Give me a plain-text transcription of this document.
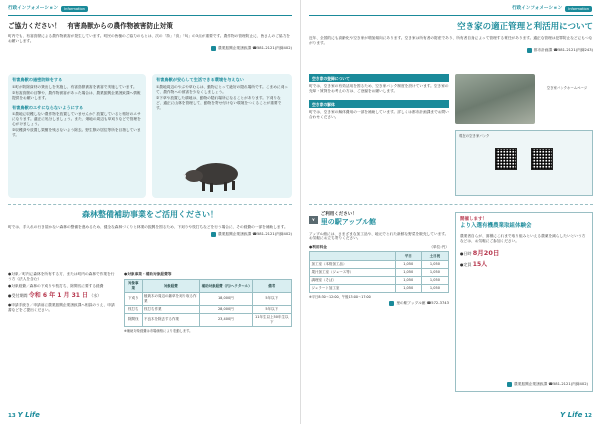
行政インフォメーション	Information
ご協力ください！　有害鳥獣からの農作物被害防止対策
町内でも、有害鳥獣による農作物被害が発生しています。町民の皆様のご協力のもとは、次の「持」「食」「匂」の3点が重要です。農作物の管理防止に、皆さんのご協力をお願いします。
農業振興企業誘致課 ☎581-2121(内線402)
有害鳥獣の過密防除をする
①町が防除資材の貸出しを実施し、有害鳥獣被害を被害で実施しています。
②有害鳥獣の目撃や、農作物被害があった場合は、農業振興企業誘致課へ情報提供をお願いします。
有害鳥獣のエサにならないようにする
①農地に収穫しない農作物を放置していませんか？放置していると格好のエサになります。適正に処分しましょう。また、畑地の周辺も草刈りなどで管理を心がけましょう。
②収穫済や放置し果樹を残さないよう除去。野生獣の居住等所を目指しています。
有害鳥獣が安心して生活できる環境を与えない
①農地周辺のやぶや草むらは、動物にとって絶好の隠れ場所です。こまめに刈って、農作物への被害を少なくしましょう。
②下草や放置した耕地は、動物の隠れ場所になることがあります。下刈りなど、適正に山林を管理して、動物を寄せ付けない環境をつくることが重要です。
森林整備補助事業をご活用ください！
町では、手入れの行き届かない森林の整備を進めるため、健全な森林づくりと林業の振興を図るため、下刈りや枝打ちなどを行う場合に、その経費の一部を補助します。
農業振興企業誘致課 ☎581-2121(内線402)
●対象／町内に森林を所有する方、または町内の森林で作業を行う方（法人を含む）
●対象経費／森林の下刈りや枝打ち、除間伐に要する経費
●受付期間 令和 6 年 1 月 31 日 （水）
●申請手続き／申請前に農業振興企業誘致課へ相談のうえ、申請書などをご提出ください。
●対象事業・補助対象経費等
対象事業	対象経費	補助対象経費（円/ヘクタール）	備考
下刈り	植栽木の周辺の雑草を刈り取る作業	18,000円	5年以下
枝打ち	枝打ち作業	28,000円	5年以下
除間伐	不良木を除去する作業	23,400円	11年生以上50年生以下
※補助対象経費は市場価格により変動します。
13 Y Life
行政インフォメーション	Information
空き家の適正管理と利活用について
近年、全国的にも高齢化や空き家が増加傾向にあります。空き家は所有者の財産であり、所有者自身によって管理する責任があります。適正な管理は犯罪防止などにもつながります。
都市計画課 ☎581-2121(内線243)
空き家の登録について
町では、空き家の有効活用を図るため、空き家バンク制度を設けています。空き家の売却・賃貸をお考えの方は、ご登録をお願いします。
空き家の解体
町では、空き家の解体費用の一部を補助しています。詳しくは都市計画課までお問い合わせください。
空き家バンクホームページ
現在の空き家バンク
Y
ご利用ください！
里の駅アップル館
アップル館には、さまざまな加工品や、地元でとれた新鮮な野菜を販売しています。お気軽にお立ち寄りください。
●利用料金	（単位:円）
	平日	土日祝
加工室（本格加工品）	1,050	1,050
果汁加工室（ジュース等）	1,050	1,050
調理室（そば）	1,050	1,050
ジェラート加工室	1,050	1,050
※平日8:30〜12:00、午後13:00〜17:00
里の駅アップル館 ☎572-3743
開催します！
より入選有機農業取組体験会
農業者自らが、面積にこれまで取り組みといえる農薬を減らしたいという方などは、お気軽にご参加ください。
●日時 8月20日
●定員 15人
農業振興企業誘致課 ☎581-2121(内線402)
Y Life 12
